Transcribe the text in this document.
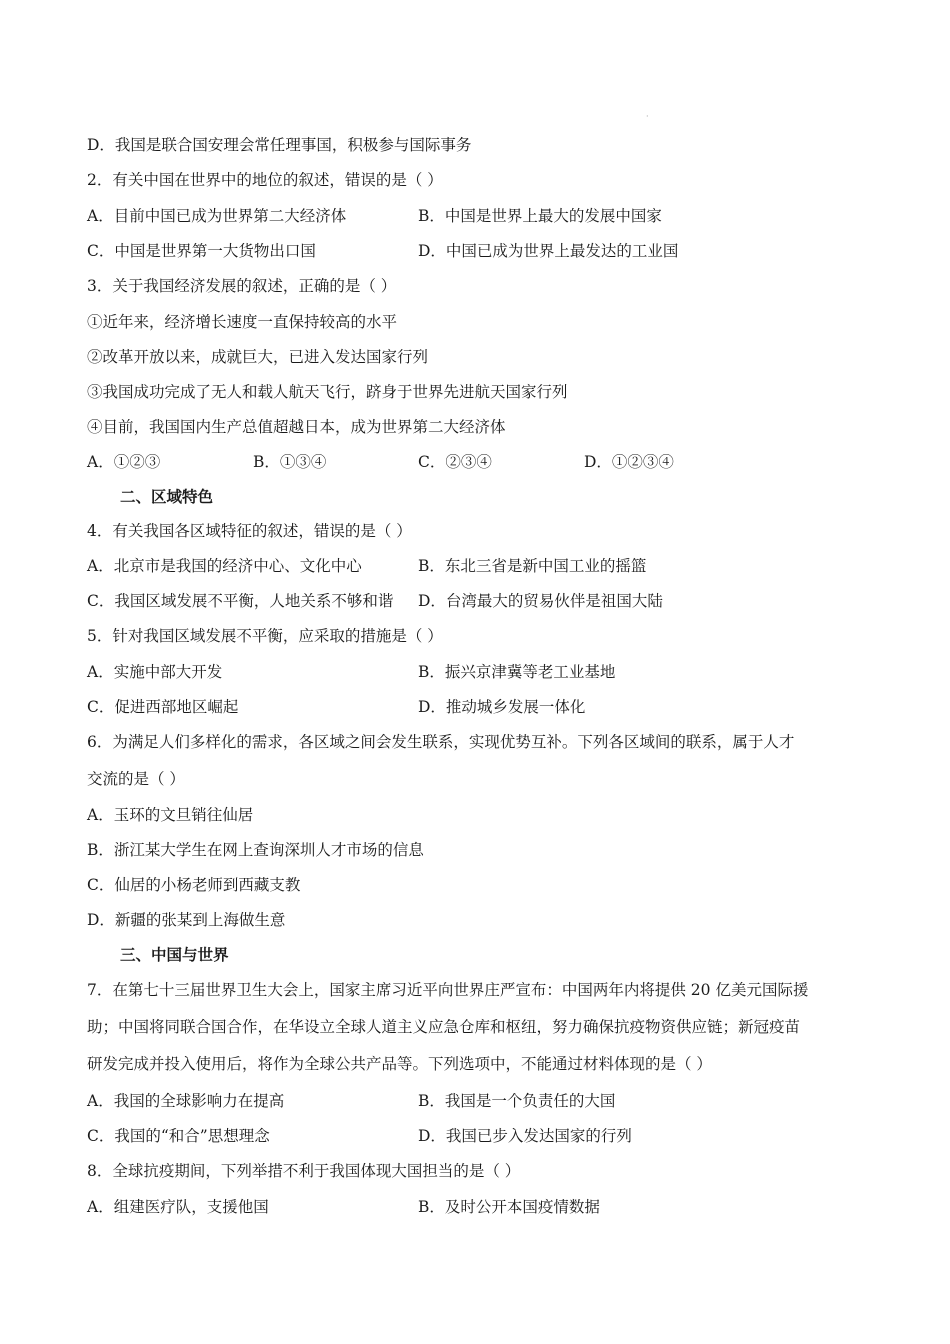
·
D．我国是联合国安理会常任理事国，积极参与国际事务
2．有关中国在世界中的地位的叙述，错误的是（ ）
A．目前中国已成为世界第二大经济体	B．中国是世界上最大的发展中国家
C．中国是世界第一大货物出口国	D．中国已成为世界上最发达的工业国
3．关于我国经济发展的叙述，正确的是（ ）
①近年来，经济增长速度一直保持较高的水平
②改革开放以来，成就巨大，已进入发达国家行列
③我国成功完成了无人和载人航天飞行，跻身于世界先进航天国家行列
④目前，我国国内生产总值超越日本，成为世界第二大经济体
A．①②③	B．①③④	C．②③④	D．①②③④
二、区域特色
4．有关我国各区域特征的叙述，错误的是（ ）
A．北京市是我国的经济中心、文化中心	B．东北三省是新中国工业的摇篮
C．我国区域发展不平衡，人地关系不够和谐 D．台湾最大的贸易伙伴是祖国大陆
5．针对我国区域发展不平衡，应采取的措施是（ ）
A．实施中部大开发	B．振兴京津冀等老工业基地
C．促进西部地区崛起	D．推动城乡发展一体化
6．为满足人们多样化的需求，各区域之间会发生联系，实现优势互补。下列各区域间的联系，属于人才
交流的是（ ）
A．玉环的文旦销往仙居
B．浙江某大学生在网上查询深圳人才市场的信息
C．仙居的小杨老师到西藏支教
D．新疆的张某到上海做生意
三、中国与世界
7．在第七十三届世界卫生大会上，国家主席习近平向世界庄严宣布：中国两年内将提供 20 亿美元国际援
助；中国将同联合国合作，在华设立全球人道主义应急仓库和枢纽，努力确保抗疫物资供应链；新冠疫苗
研发完成并投入使用后，将作为全球公共产品等。下列选项中，不能通过材料体现的是（ ）
A．我国的全球影响力在提高	B．我国是一个负责任的大国
C．我国的“和合”思想理念	D．我国已步入发达国家的行列
8．全球抗疫期间，下列举措不利于我国体现大国担当的是（ ）
A．组建医疗队，支援他国	B．及时公开本国疫情数据
